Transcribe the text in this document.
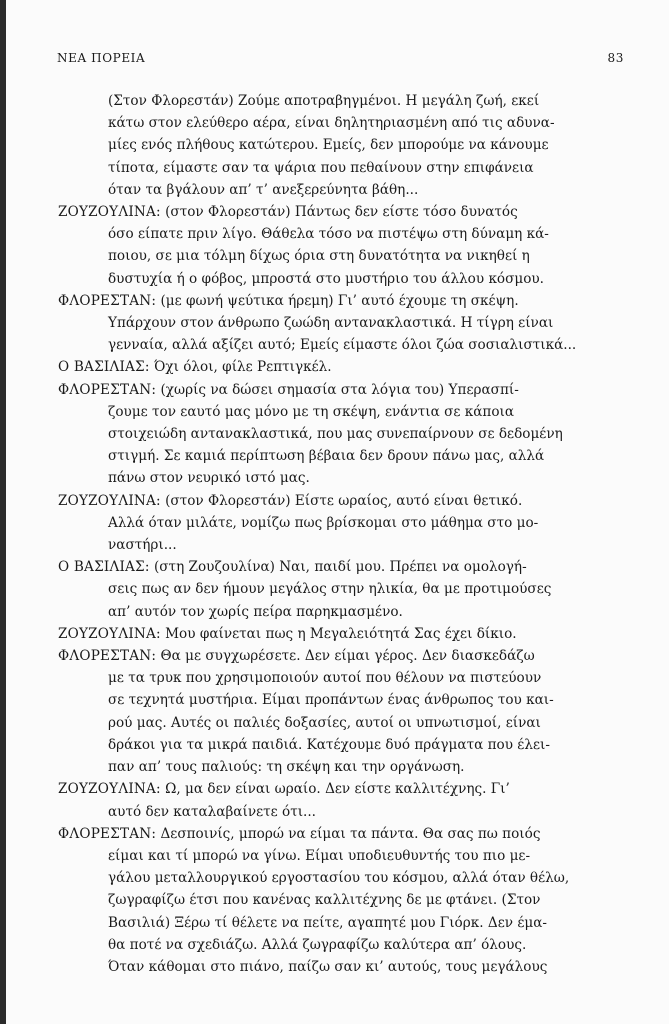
ΝΕΑ ΠΟΡΕΙΑ	83
(Στον Φλορεστάν) Ζούμε αποτραβηγμένοι. Η μεγάλη ζωή, εκεί
κάτω στον ελεύθερο αέρα, είναι δηλητηριασμένη από τις αδυνα-
μίες ενός πλήθους κατώτερου. Εμείς, δεν μπορούμε να κάνουμε
τίποτα, είμαστε σαν τα ψάρια που πεθαίνουν στην επιφάνεια
όταν τα βγάλουν απ’ τ’ ανεξερεύνητα βάθη...
ΖΟΥΖΟΥΛΙΝΑ: (στον Φλορεστάν) Πάντως δεν είστε τόσο δυνατός
όσο είπατε πριν λίγο. Θάθελα τόσο να πιστέψω στη δύναμη κά-
ποιου, σε μια τόλμη δίχως όρια στη δυνατότητα να νικηθεί η
δυστυχία ή ο φόβος, μπροστά στο μυστήριο του άλλου κόσμου.
ΦΛΟΡΕΣΤΑΝ: (με φωνή ψεύτικα ήρεμη) Γι’ αυτό έχουμε τη σκέψη.
Υπάρχουν στον άνθρωπο ζωώδη αντανακλαστικά. Η τίγρη είναι
γενναία, αλλά αξίζει αυτό; Εμείς είμαστε όλοι ζώα σοσιαλιστικά...
Ο ΒΑΣΙΛΙΑΣ: Όχι όλοι, φίλε Ρεπτιγκέλ.
ΦΛΟΡΕΣΤΑΝ: (χωρίς να δώσει σημασία στα λόγια του) Υπερασπί-
ζουμε τον εαυτό μας μόνο με τη σκέψη, ενάντια σε κάποια
στοιχειώδη αντανακλαστικά, που μας συνεπαίρνουν σε δεδομένη
στιγμή. Σε καμιά περίπτωση βέβαια δεν δρουν πάνω μας, αλλά
πάνω στον νευρικό ιστό μας.
ΖΟΥΖΟΥΛΙΝΑ: (στον Φλορεστάν) Είστε ωραίος, αυτό είναι θετικό.
Αλλά όταν μιλάτε, νομίζω πως βρίσκομαι στο μάθημα στο μο-
ναστήρι...
Ο ΒΑΣΙΛΙΑΣ: (στη Ζουζουλίνα) Ναι, παιδί μου. Πρέπει να ομολογή-
σεις πως αν δεν ήμουν μεγάλος στην ηλικία, θα με προτιμούσες
απ’ αυτόν τον χωρίς πείρα παρηκμασμένο.
ΖΟΥΖΟΥΛΙΝΑ: Μου φαίνεται πως η Μεγαλειότητά Σας έχει δίκιο.
ΦΛΟΡΕΣΤΑΝ: Θα με συγχωρέσετε. Δεν είμαι γέρος. Δεν διασκεδάζω
με τα τρυκ που χρησιμοποιούν αυτοί που θέλουν να πιστεύουν
σε τεχνητά μυστήρια. Είμαι προπάντων ένας άνθρωπος του και-
ρού μας. Αυτές οι παλιές δοξασίες, αυτοί οι υπνωτισμοί, είναι
δράκοι για τα μικρά παιδιά. Κατέχουμε δυό πράγματα που έλει-
παν απ’ τους παλιούς: τη σκέψη και την οργάνωση.
ΖΟΥΖΟΥΛΙΝΑ: Ω, μα δεν είναι ωραίο. Δεν είστε καλλιτέχνης. Γι’
αυτό δεν καταλαβαίνετε ότι...
ΦΛΟΡΕΣΤΑΝ: Δεσποινίς, μπορώ να είμαι τα πάντα. Θα σας πω ποιός
είμαι και τί μπορώ να γίνω. Είμαι υποδιευθυντής του πιο με-
γάλου μεταλλουργικού εργοστασίου του κόσμου, αλλά όταν θέλω,
ζωγραφίζω έτσι που κανένας καλλιτέχνης δε με φτάνει. (Στον
Βασιλιά) Ξέρω τί θέλετε να πείτε, αγαπητέ μου Γιόρκ. Δεν έμα-
θα ποτέ να σχεδιάζω. Αλλά ζωγραφίζω καλύτερα απ’ όλους.
Όταν κάθομαι στο πιάνο, παίζω σαν κι’ αυτούς, τους μεγάλους
